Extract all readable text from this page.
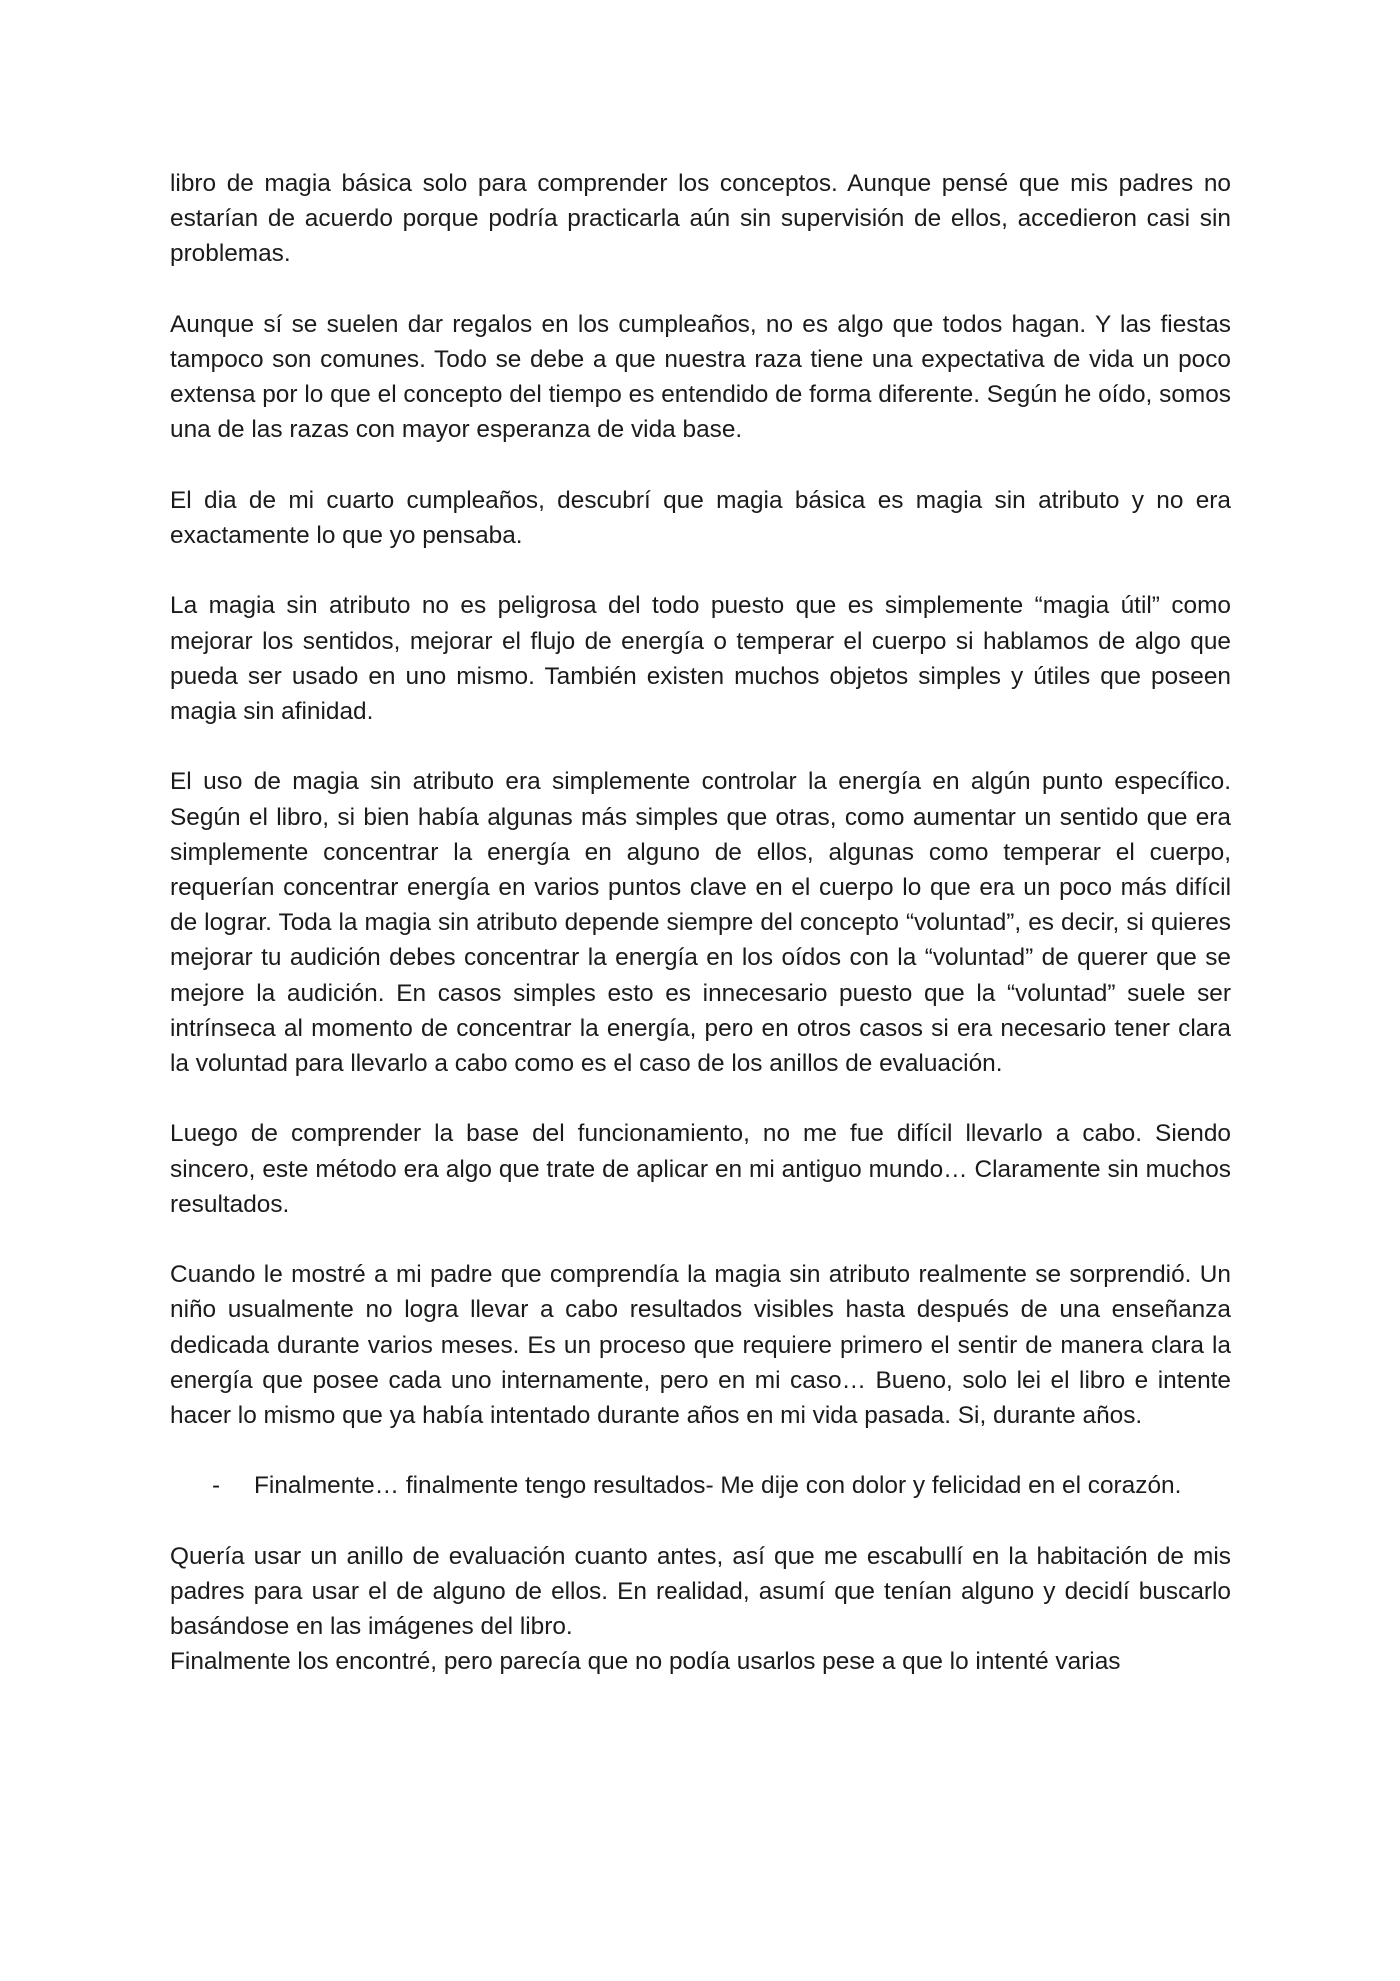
libro de magia básica solo para comprender los conceptos. Aunque pensé que mis padres no estarían de acuerdo porque podría practicarla aún sin supervisión de ellos, accedieron casi sin problemas.

Aunque sí se suelen dar regalos en los cumpleaños, no es algo que todos hagan. Y las fiestas tampoco son comunes. Todo se debe a que nuestra raza tiene una expectativa de vida un poco extensa por lo que el concepto del tiempo es entendido de forma diferente. Según he oído, somos una de las razas con mayor esperanza de vida base.

El dia de mi cuarto cumpleaños, descubrí que magia básica es magia sin atributo y no era exactamente lo que yo pensaba.

La magia sin atributo no es peligrosa del todo puesto que es simplemente “magia útil” como mejorar los sentidos, mejorar el flujo de energía o temperar el cuerpo si hablamos de algo que pueda ser usado en uno mismo. También existen muchos objetos simples y útiles que poseen magia sin afinidad.

El uso de magia sin atributo era simplemente controlar la energía en algún punto específico. Según el libro, si bien había algunas más simples que otras, como aumentar un sentido que era simplemente concentrar la energía en alguno de ellos, algunas como temperar el cuerpo, requerían concentrar energía en varios puntos clave en el cuerpo lo que era un poco más difícil de lograr. Toda la magia sin atributo depende siempre del concepto “voluntad”, es decir, si quieres mejorar tu audición debes concentrar la energía en los oídos con la “voluntad” de querer que se mejore la audición. En casos simples esto es innecesario puesto que la “voluntad” suele ser intrínseca al momento de concentrar la energía, pero en otros casos si era necesario tener clara la voluntad para llevarlo a cabo como es el caso de los anillos de evaluación.

Luego de comprender la base del funcionamiento, no me fue difícil llevarlo a cabo. Siendo sincero, este método era algo que trate de aplicar en mi antiguo mundo… Claramente sin muchos resultados.

Cuando le mostré a mi padre que comprendía la magia sin atributo realmente se sorprendió. Un niño usualmente no logra llevar a cabo resultados visibles hasta después de una enseñanza dedicada durante varios meses. Es un proceso que requiere primero el sentir de manera clara la energía que posee cada uno internamente, pero en mi caso… Bueno, solo lei el libro e intente hacer lo mismo que ya había intentado durante años en mi vida pasada. Si, durante años.

-	Finalmente… finalmente tengo resultados- Me dije con dolor y felicidad en el corazón.

Quería usar un anillo de evaluación cuanto antes, así que me escabullí en la habitación de mis padres para usar el de alguno de ellos. En realidad, asumí que tenían alguno y decidí buscarlo basándose en las imágenes del libro.

Finalmente los encontré, pero parecía que no podía usarlos pese a que lo intenté varias
